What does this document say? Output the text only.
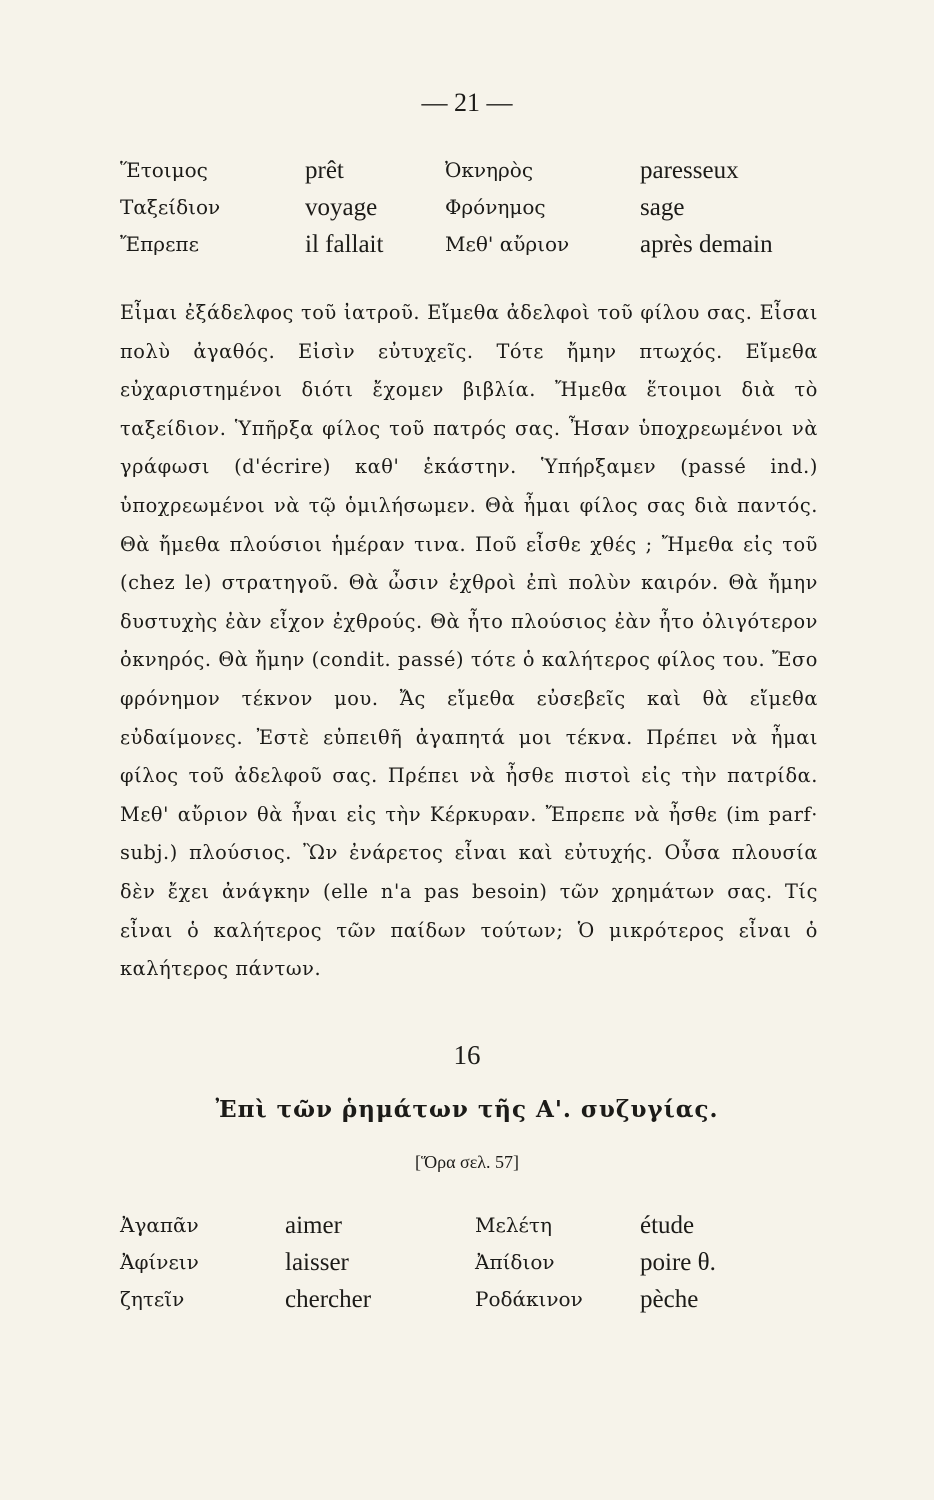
— 21 —
Ἕτοιμος	prêt	Ὀκνηρὸς	paresseux
Ταξείδιον	voyage	Φρόνημος	sage
Ἔπρεπε	il fallait	Μεθ' αὔριον	après demain

Εἶμαι ἐξάδελφος τοῦ ἰατροῦ. Εἴμεθα ἀδελφοὶ τοῦ φίλου σας. Εἶσαι πολὺ ἀγαθός. Εἰσὶν εὐτυχεῖς. Τότε ἤμην πτωχός. Εἴμεθα εὐχαριστημένοι διότι ἔχομεν βιβλία. Ἤμεθα ἕτοιμοι διὰ τὸ ταξείδιον. Ὑπῆρξα φίλος τοῦ πατρός σας. Ἦσαν ὑποχρεωμένοι νὰ γράφωσι (d'écrire) καθ' ἑκάστην. Ὑπήρξαμεν (passé ind.) ὑποχρεωμένοι νὰ τῷ ὁμιλήσωμεν. Θὰ ἦμαι φίλος σας διὰ παντός. Θὰ ἤμεθα πλούσιοι ἡμέραν τινα. Ποῦ εἶσθε χθές ; Ἤμεθα εἰς τοῦ (chez le) στρατηγοῦ. Θὰ ὦσιν ἐχθροὶ ἐπὶ πολὺν καιρόν. Θὰ ἤμην δυστυχὴς ἐὰν εἶχον ἐχθρούς. Θὰ ἦτο πλούσιος ἐὰν ἦτο ὀλιγότερον ὀκνηρός. Θὰ ἤμην (condit. passé) τότε ὁ καλήτερος φίλος του. Ἔσο φρόνημον τέκνον μου. Ἄς εἴμεθα εὐσεβεῖς καὶ θὰ εἴμεθα εὐδαίμονες. Ἐστὲ εὐπειθῆ ἀγαπητά μοι τέκνα. Πρέπει νὰ ἦμαι φίλος τοῦ ἀδελφοῦ σας. Πρέπει νὰ ἦσθε πιστοὶ εἰς τὴν πατρίδα. Μεθ' αὔριον θὰ ἦναι εἰς τὴν Κέρκυραν. Ἔπρεπε νὰ ἦσθε (im parf· subj.) πλούσιος. Ὢν ἐνάρετος εἶναι καὶ εὐτυχής. Οὖσα πλουσία δὲν ἔχει ἀνάγκην (elle n'a pas besoin) τῶν χρημάτων σας. Τίς εἶναι ὁ καλήτερος τῶν παίδων τούτων; Ὁ μικρότερος εἶναι ὁ καλήτερος πάντων.

16
Ἐπὶ τῶν ῥημάτων τῆς Α'. συζυγίας.
[Ὅρα σελ. 57]
Ἀγαπᾶν	aimer	Μελέτη	étude
Ἀφίνειν	laisser	Ἀπίδιον	poire θ.
ζητεῖν	chercher	Ροδάκινον	pèche
